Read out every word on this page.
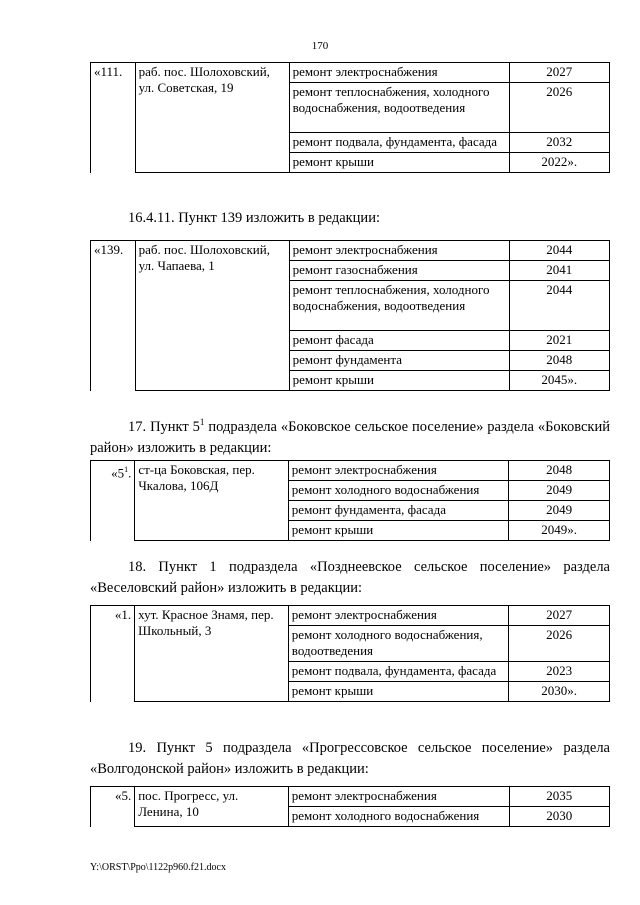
170
«111.	раб. пос. Шолоховский, ул. Советская, 19	ремонт электроснабжения	2027
		ремонт теплоснабжения, холодного водоснабжения, водоотведения	2026
		ремонт подвала, фундамента, фасада	2032
		ремонт крыши	2022».
16.4.11. Пункт 139 изложить в редакции:
«139.	раб. пос. Шолоховский, ул. Чапаева, 1	ремонт электроснабжения	2044
		ремонт газоснабжения	2041
		ремонт теплоснабжения, холодного водоснабжения, водоотведения	2044
		ремонт фасада	2021
		ремонт фундамента	2048
		ремонт крыши	2045».
17. Пункт $5^1$ подраздела «Боковское сельское поселение» раздела «Боковский район» изложить в редакции:
«$5^1$.	ст-ца Боковская, пер. Чкалова, 106Д	ремонт электроснабжения	2048
		ремонт холодного водоснабжения	2049
		ремонт фундамента, фасада	2049
		ремонт крыши	2049».
18. Пункт 1 подраздела «Позднеевское сельское поселение» раздела «Веселовский район» изложить в редакции:
«1.	хут. Красное Знамя, пер. Школьный, 3	ремонт электроснабжения	2027
		ремонт холодного водоснабжения, водоотведения	2026
		ремонт подвала, фундамента, фасада	2023
		ремонт крыши	2030».
19. Пункт 5 подраздела «Прогрессовское сельское поселение» раздела «Волгодонской район» изложить в редакции:
«5.	пос. Прогресс, ул. Ленина, 10	ремонт электроснабжения	2035
		ремонт холодного водоснабжения	2030
Y:\ORST\Ppo\1122p960.f21.docx
